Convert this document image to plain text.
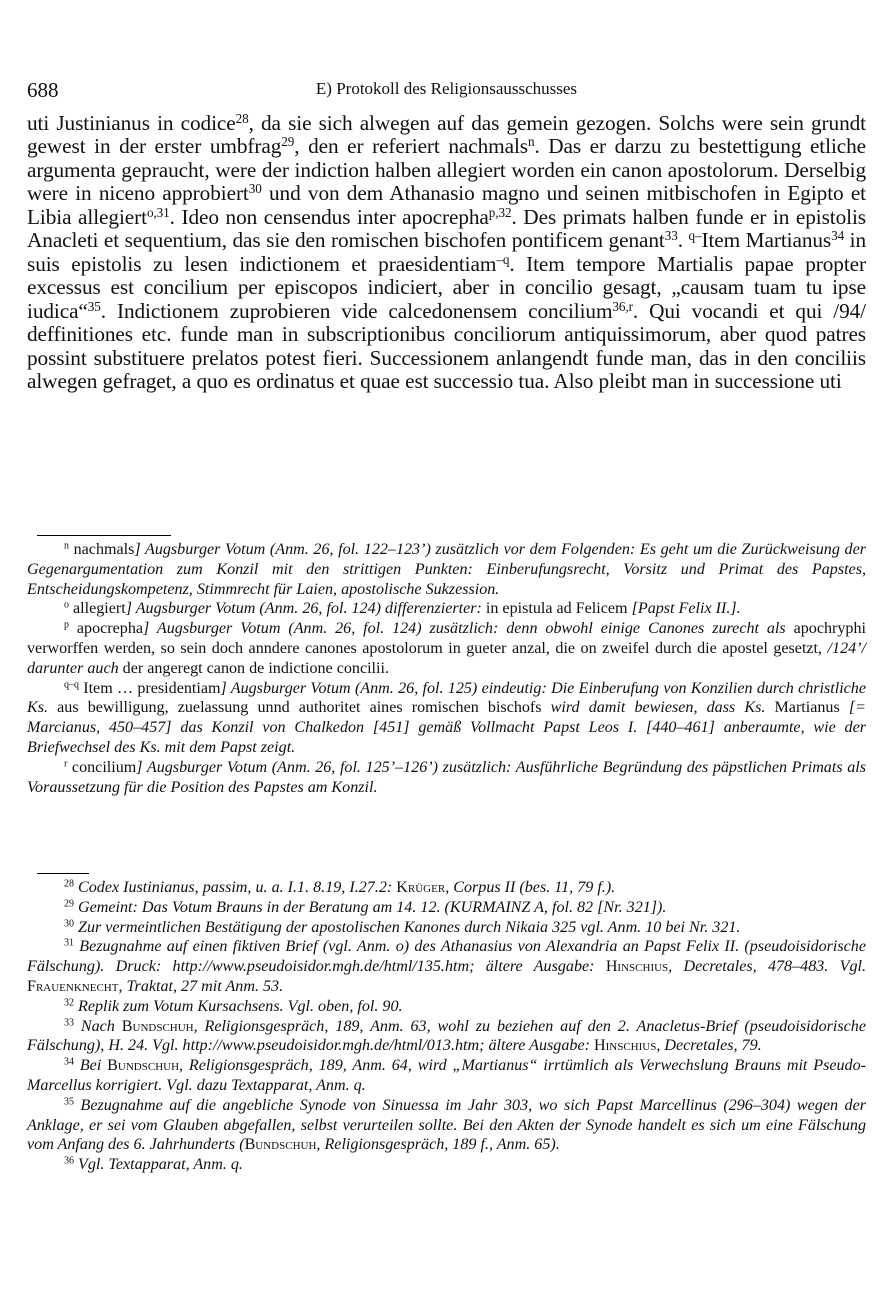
688	E) Protokoll des Religionsausschusses
uti Justinianus in codice$^{28}$, da sie sich alwegen auf das gemein gezogen. Solchs were sein grundt gewest in der erster umbfrag$^{29}$, den er referiert nachmals$^n$. Das er darzu zu bestettigung etliche argumenta gepraucht, were der indiction halben allegiert worden ein canon apostolorum. Derselbig were in niceno approbiert$^{30}$ und von dem Athanasio magno und seinen mitbischofen in Egipto et Libia allegiert$^{o,31}$. Ideo non censendus inter apocrepha$^{p,32}$. Des primats halben funde er in epistolis Anacleti et sequentium, das sie den romischen bischofen pontificem genant$^{33}$. $^{q-}$Item Martianus$^{34}$ in suis epistolis zu lesen indictionem et praesidentiam$^{-q}$. Item tempore Martialis papae propter excessus est concilium per episcopos indiciert, aber in concilio gesagt, „causam tuam tu ipse iudica“$^{35}$. Indictionem zuprobieren vide calcedonensem concilium$^{36,r}$. Qui vocandi et qui /94/ deffinitiones etc. funde man in subscriptionibus conciliorum antiquissimorum, aber quod patres possint substituere prelatos potest fieri. Successionem anlangendt funde man, das in den conciliis alwegen gefraget, a quo es ordinatus et quae est successio tua. Also pleibt man in successione uti

$^n$ nachmals] Augsburger Votum (Anm. 26, fol. 122–123’) zusätzlich vor dem Folgenden: Es geht um die Zurückweisung der Gegenargumentation zum Konzil mit den strittigen Punkten: Einberufungsrecht, Vorsitz und Primat des Papstes, Entscheidungskompetenz, Stimmrecht für Laien, apostolische Sukzession.

$^o$ allegiert] Augsburger Votum (Anm. 26, fol. 124) differenzierter: in epistula ad Felicem [Papst Felix II.].

$^p$ apocrepha] Augsburger Votum (Anm. 26, fol. 124) zusätzlich: denn obwohl einige Canones zurecht als apochryphi verworffen werden, so sein doch anndere canones apostolorum in gueter anzal, die on zweifel durch die apostel gesetzt, /124’/ darunter auch der angeregt canon de indictione concilii.

$^{q-q}$ Item … presidentiam] Augsburger Votum (Anm. 26, fol. 125) eindeutig: Die Einberufung von Konzilien durch christliche Ks. aus bewilligung, zuelassung unnd authoritet aines romischen bischofs wird damit bewiesen, dass Ks. Martianus [= Marcianus, 450–457] das Konzil von Chalkedon [451] gemäß Vollmacht Papst Leos I. [440–461] anberaumte, wie der Briefwechsel des Ks. mit dem Papst zeigt.

$^r$ concilium] Augsburger Votum (Anm. 26, fol. 125’–126’) zusätzlich: Ausführliche Begründung des päpstlichen Primats als Voraussetzung für die Position des Papstes am Konzil.

$^{28}$ Codex Iustinianus, passim, u. a. I.1. 8.19, I.27.2: Krüger, Corpus II (bes. 11, 79 f.).

$^{29}$ Gemeint: Das Votum Brauns in der Beratung am 14. 12. (KURMAINZ A, fol. 82 [Nr. 321]).

$^{30}$ Zur vermeintlichen Bestätigung der apostolischen Kanones durch Nikaia 325 vgl. Anm. 10 bei Nr. 321.

$^{31}$ Bezugnahme auf einen fiktiven Brief (vgl. Anm. o) des Athanasius von Alexandria an Papst Felix II. (pseudoisidorische Fälschung). Druck: http://www.pseudoisidor.mgh.de/html/135.htm; ältere Ausgabe: Hinschius, Decretales, 478–483. Vgl. Frauenknecht, Traktat, 27 mit Anm. 53.

$^{32}$ Replik zum Votum Kursachsens. Vgl. oben, fol. 90.

$^{33}$ Nach Bundschuh, Religionsgespräch, 189, Anm. 63, wohl zu beziehen auf den 2. Anacletus-Brief (pseudoisidorische Fälschung), H. 24. Vgl. http://www.pseudoisidor.mgh.de/html/013.htm; ältere Ausgabe: Hinschius, Decretales, 79.

$^{34}$ Bei Bundschuh, Religionsgespräch, 189, Anm. 64, wird „Martianus“ irrtümlich als Verwechslung Brauns mit Pseudo-Marcellus korrigiert. Vgl. dazu Textapparat, Anm. q.

$^{35}$ Bezugnahme auf die angebliche Synode von Sinuessa im Jahr 303, wo sich Papst Marcellinus (296–304) wegen der Anklage, er sei vom Glauben abgefallen, selbst verurteilen sollte. Bei den Akten der Synode handelt es sich um eine Fälschung vom Anfang des 6. Jahrhunderts (Bundschuh, Religionsgespräch, 189 f., Anm. 65).

$^{36}$ Vgl. Textapparat, Anm. q.
